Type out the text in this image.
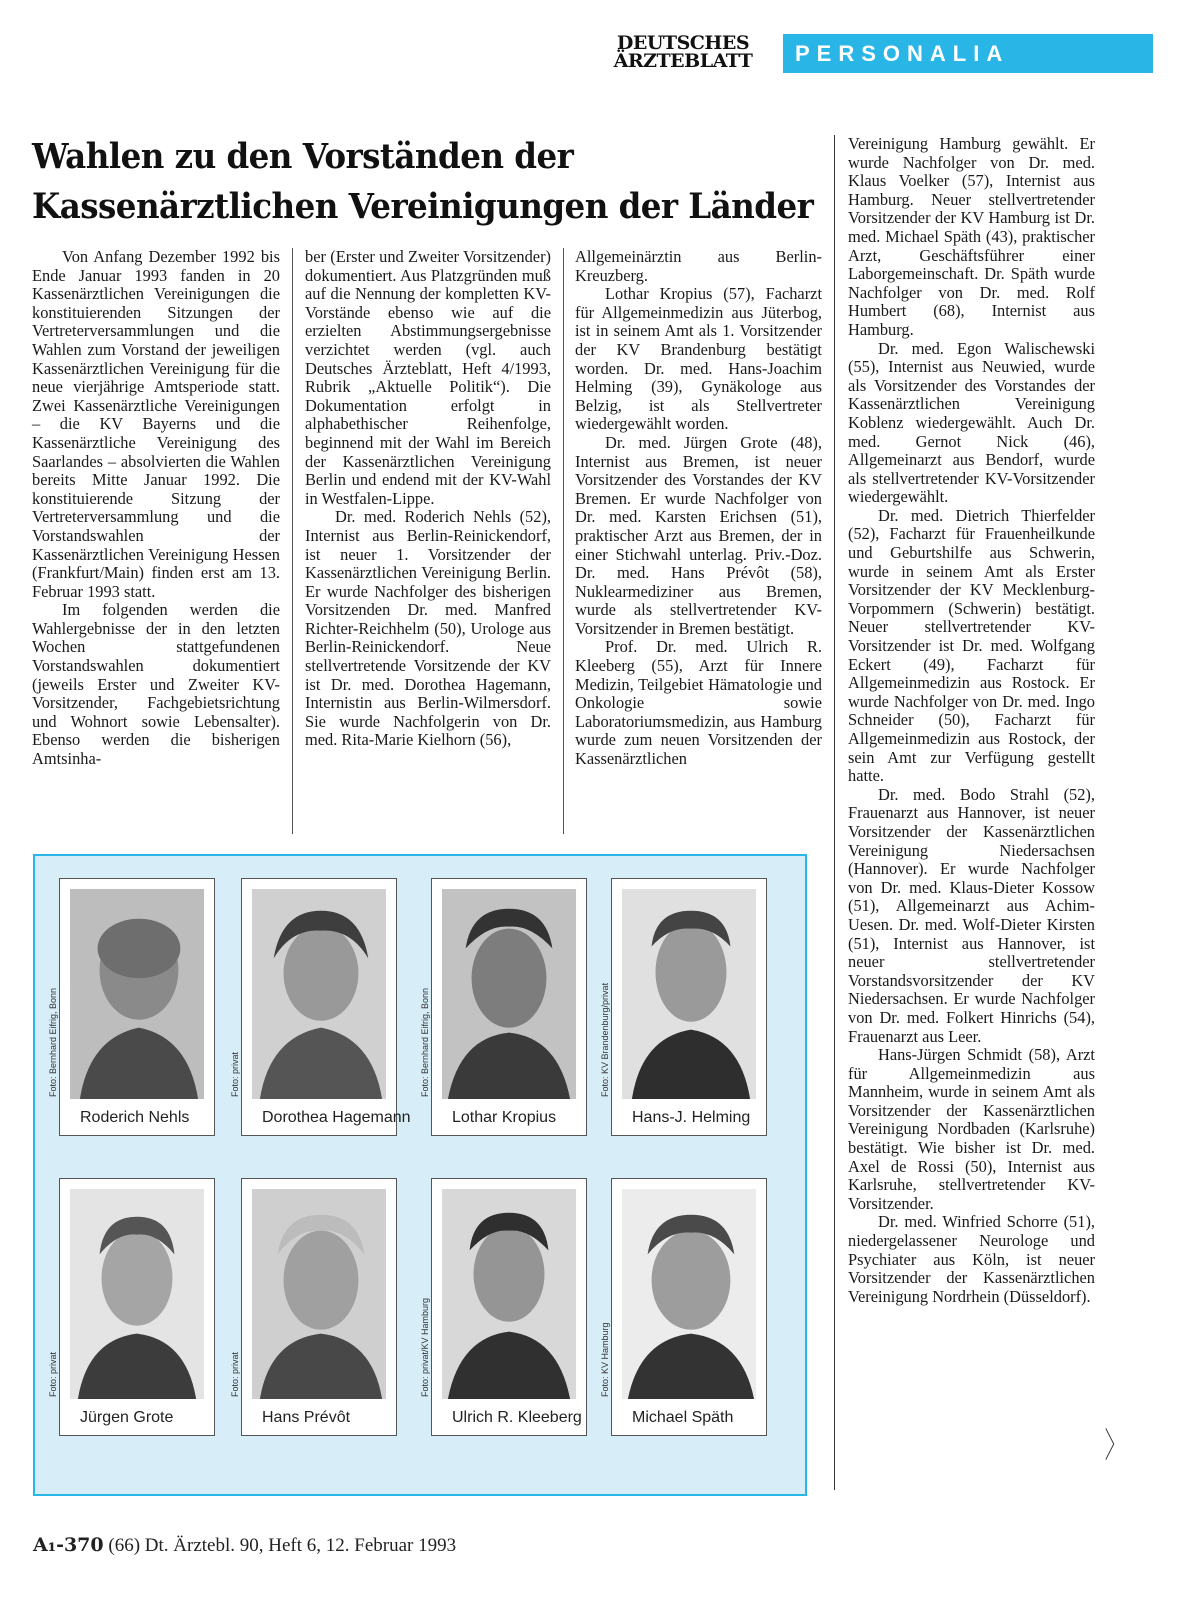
DEUTSCHES
ÄRZTEBLATT	PERSONALIA
Wahlen zu den Vorständen der
Kassenärztlichen Vereinigungen der Länder

Von Anfang Dezember 1992 bis Ende Januar 1993 fanden in 20 Kassenärztlichen Vereinigungen die konstituierenden Sitzungen der Vertreterversammlungen und die Wahlen zum Vorstand der jeweiligen Kassenärztlichen Vereinigung für die neue vierjährige Amtsperiode statt. Zwei Kassenärztliche Vereinigungen – die KV Bayerns und die Kassenärztliche Vereinigung des Saarlandes – absolvierten die Wahlen bereits Mitte Januar 1992. Die konstituierende Sitzung der Vertreterversammlung und die Vorstandswahlen der Kassenärztlichen Vereinigung Hessen (Frankfurt/Main) finden erst am 13. Februar 1993 statt.

Im folgenden werden die Wahlergebnisse der in den letzten Wochen stattgefundenen Vorstandswahlen dokumentiert (jeweils Erster und Zweiter KV-Vorsitzender, Fachgebietsrichtung und Wohnort sowie Lebensalter). Ebenso werden die bisherigen Amtsinha-

ber (Erster und Zweiter Vorsitzender) dokumentiert. Aus Platzgründen muß auf die Nennung der kompletten KV-Vorstände ebenso wie auf die erzielten Abstimmungsergebnisse verzichtet werden (vgl. auch Deutsches Ärzteblatt, Heft 4/1993, Rubrik „Aktuelle Politik“). Die Dokumentation erfolgt in alphabethischer Reihenfolge, beginnend mit der Wahl im Bereich der Kassenärztlichen Vereinigung Berlin und endend mit der KV-Wahl in Westfalen-Lippe.

Dr. med. Roderich Nehls (52), Internist aus Berlin-Reinickendorf, ist neuer 1. Vorsitzender der Kassenärztlichen Vereinigung Berlin. Er wurde Nachfolger des bisherigen Vorsitzenden Dr. med. Manfred Richter-Reichhelm (50), Urologe aus Berlin-Reinickendorf. Neue stellvertretende Vorsitzende der KV ist Dr. med. Dorothea Hagemann, Internistin aus Berlin-Wilmersdorf. Sie wurde Nachfolgerin von Dr. med. Rita-Marie Kielhorn (56),

Allgemeinärztin aus Berlin-Kreuzberg.

Lothar Kropius (57), Facharzt für Allgemeinmedizin aus Jüterbog, ist in seinem Amt als 1. Vorsitzender der KV Brandenburg bestätigt worden. Dr. med. Hans-Joachim Helming (39), Gynäkologe aus Belzig, ist als Stellvertreter wiedergewählt worden.

Dr. med. Jürgen Grote (48), Internist aus Bremen, ist neuer Vorsitzender des Vorstandes der KV Bremen. Er wurde Nachfolger von Dr. med. Karsten Erichsen (51), praktischer Arzt aus Bremen, der in einer Stichwahl unterlag. Priv.-Doz. Dr. med. Hans Prévôt (58), Nuklearmediziner aus Bremen, wurde als stellvertretender KV-Vorsitzender in Bremen bestätigt.

Prof. Dr. med. Ulrich R. Kleeberg (55), Arzt für Innere Medizin, Teilgebiet Hämatologie und Onkologie sowie Laboratoriumsmedizin, aus Hamburg wurde zum neuen Vorsitzenden der Kassenärztlichen

Vereinigung Hamburg gewählt. Er wurde Nachfolger von Dr. med. Klaus Voelker (57), Internist aus Hamburg. Neuer stellvertretender Vorsitzender der KV Hamburg ist Dr. med. Michael Späth (43), praktischer Arzt, Geschäftsführer einer Laborgemeinschaft. Dr. Späth wurde Nachfolger von Dr. med. Rolf Humbert (68), Internist aus Hamburg.

Dr. med. Egon Walischewski (55), Internist aus Neuwied, wurde als Vorsitzender des Vorstandes der Kassenärztlichen Vereinigung Koblenz wiedergewählt. Auch Dr. med. Gernot Nick (46), Allgemeinarzt aus Bendorf, wurde als stellvertretender KV-Vorsitzender wiedergewählt.

Dr. med. Dietrich Thierfelder (52), Facharzt für Frauenheilkunde und Geburtshilfe aus Schwerin, wurde in seinem Amt als Erster Vorsitzender der KV Mecklenburg-Vorpommern (Schwerin) bestätigt. Neuer stellvertretender KV-Vorsitzender ist Dr. med. Wolfgang Eckert (49), Facharzt für Allgemeinmedizin aus Rostock. Er wurde Nachfolger von Dr. med. Ingo Schneider (50), Facharzt für Allgemeinmedizin aus Rostock, der sein Amt zur Verfügung gestellt hatte.

Dr. med. Bodo Strahl (52), Frauenarzt aus Hannover, ist neuer Vorsitzender der Kassenärztlichen Vereinigung Niedersachsen (Hannover). Er wurde Nachfolger von Dr. med. Klaus-Dieter Kossow (51), Allgemeinarzt aus Achim-Uesen. Dr. med. Wolf-Dieter Kirsten (51), Internist aus Hannover, ist neuer stellvertretender Vorstandsvorsitzender der KV Niedersachsen. Er wurde Nachfolger von Dr. med. Folkert Hinrichs (54), Frauenarzt aus Leer.

Hans-Jürgen Schmidt (58), Arzt für Allgemeinmedizin aus Mannheim, wurde in seinem Amt als Vorsitzender der Kassenärztlichen Vereinigung Nordbaden (Karlsruhe) bestätigt. Wie bisher ist Dr. med. Axel de Rossi (50), Internist aus Karlsruhe, stellvertretender KV-Vorsitzender.

Dr. med. Winfried Schorre (51), niedergelassener Neurologe und Psychiater aus Köln, ist neuer Vorsitzender der Kassenärztlichen Vereinigung Nordrhein (Düsseldorf).

Foto: Bernhard Eifrig, Bonn
Roderich Nehls
Foto: privat
Dorothea Hagemann
Foto: Bernhard Eifrig, Bonn
Lothar Kropius
Foto: KV Brandenburg/privat
Hans-J. Helming
Foto: privat
Jürgen Grote
Foto: privat
Hans Prévôt
Foto: privat/KV Hamburg
Ulrich R. Kleeberg
Foto: KV Hamburg
Michael Späth
〉
A₁-370 (66) Dt. Ärztebl. 90, Heft 6, 12. Februar 1993
